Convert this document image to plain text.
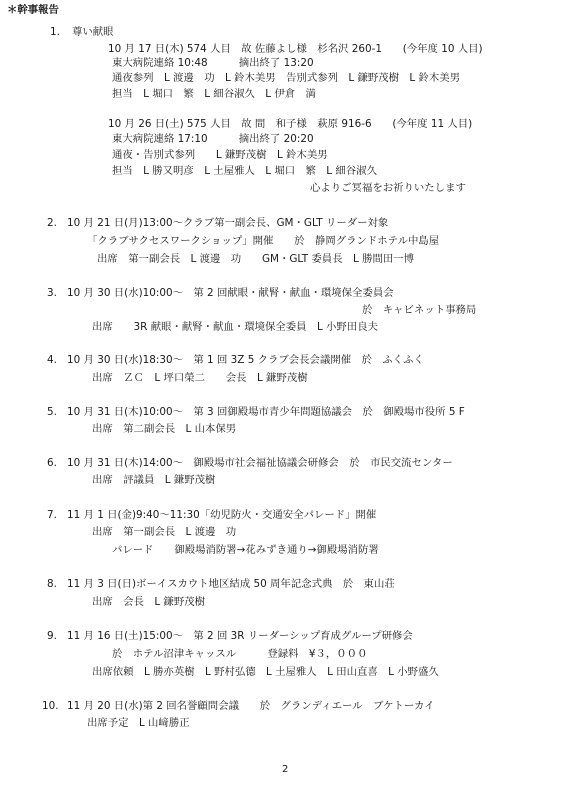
＊幹事報告
1. 尊い献眼
10 月 17 日(木) 574 人目　故 佐藤よし様　杉名沢 260-1　　(今年度 10 人目)
東大病院連絡 10:48　　　摘出終了 13:20
通夜参列　L 渡邊　功　L 鈴木美男　告別式参列　L 鎌野茂樹　L 鈴木美男
担当　L 堀口　繁　L 細谷淑久　L 伊倉　満
10 月 26 日(土) 575 人目　故 間　和子様　萩原 916-6　　(今年度 11 人目)
東大病院連絡 17:10　　　摘出終了 20:20
通夜・告別式参列　　L 鎌野茂樹　L 鈴木美男
担当　L 勝又明彦　L 土屋雅人　L 堀口　繁　L 細谷淑久
心よりご冥福をお祈りいたします
2. 10 月 21 日(月)13:00～クラブ第一副会長、GM・GLT リーダー対象
「クラブサクセスワークショップ」開催　　於　静岡グランドホテル中島屋
出席　第一副会長　L 渡邊　功　　GM・GLT 委員長　L 勝間田一博
3. 10 月 30 日(水)10:00～　第 2 回献眼・献腎・献血・環境保全委員会
於　キャビネット事務局
出席　　3R 献眼・献腎・献血・環境保全委員　L 小野田良夫
4. 10 月 30 日(水)18:30～　第 1 回 3Z 5 クラブ会長会議開催　於　ふくふく
出席　ＺＣ　L 坪口榮二　　会長　L 鎌野茂樹
5. 10 月 31 日(木)10:00～　第 3 回御殿場市青少年問題協議会　於　御殿場市役所 5 F
出席　第二副会長　L 山本保男
6. 10 月 31 日(木)14:00～　御殿場市社会福祉協議会研修会　於　市民交流センター
出席　評議員　L 鎌野茂樹
7. 11 月 1 日(金)9:40～11:30「幼児防火・交通安全パレード」開催
出席　第一副会長　L 渡邊　功
パレード　　御殿場消防署→花みずき通り→御殿場消防署
8. 11 月 3 日(日)ボーイスカウト地区結成 50 周年記念式典　於　東山荘
出席　会長　L 鎌野茂樹
9. 11 月 16 日(土)15:00～　第 2 回 3R リーダーシップ育成グループ研修会
於　ホテル沼津キャッスル　　　登録料　¥３，０００
出席依頼　L 勝亦英樹　L 野村弘德　L 土屋雅人　L 田山直喜　L 小野盛久
10. 11 月 20 日(水)第 2 回名誉顧問会議　　於　グランディエール　ブケトーカイ
出席予定　L 山﨑勝正
2
